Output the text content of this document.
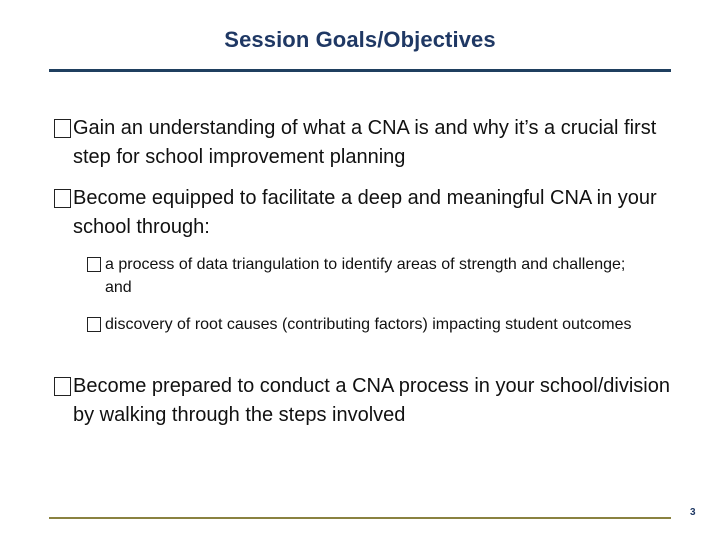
Session Goals/Objectives
Gain an understanding of what a CNA is and why it’s a crucial first step for school improvement planning
Become equipped to facilitate a deep and meaningful CNA in your school through:
a process of data triangulation to identify areas of strength and challenge; and
discovery of root causes (contributing factors) impacting student outcomes
Become prepared to conduct a CNA process in your school/division by walking through the steps involved
3
